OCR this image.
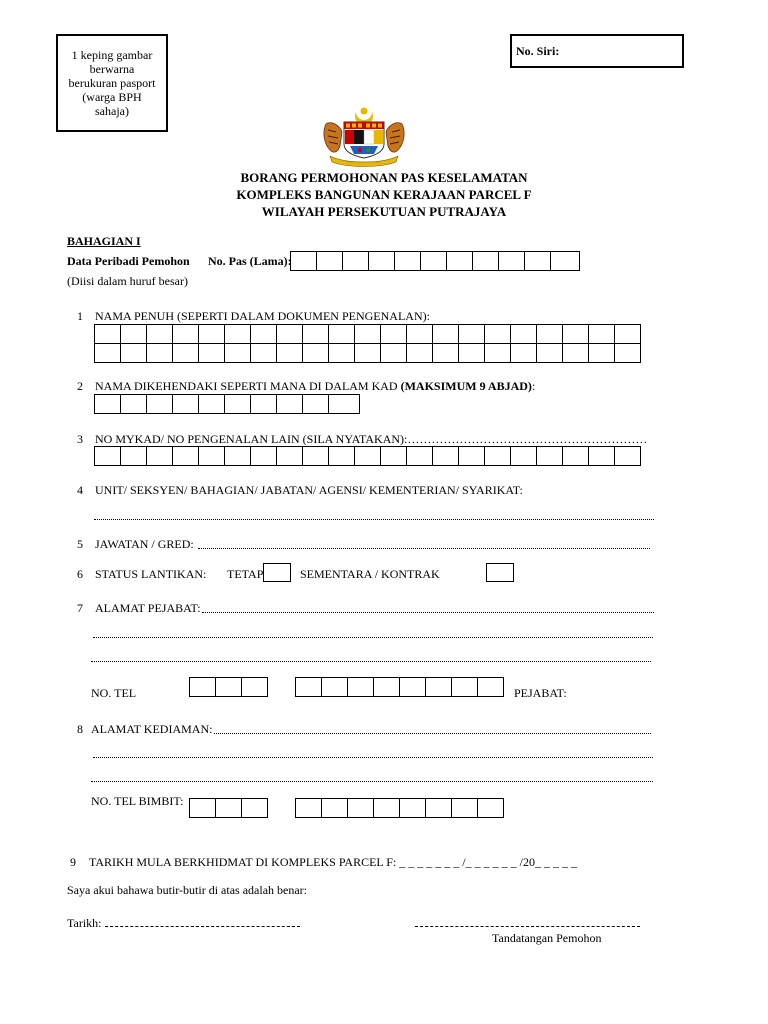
1 keping gambar berwarna berukuran pasport (warga BPH sahaja)
No. Siri:
BORANG PERMOHONAN PAS KESELAMATAN
KOMPLEKS BANGUNAN KERAJAAN PARCEL F
WILAYAH PERSEKUTUAN PUTRAJAYA
BAHAGIAN I
Data Peribadi Pemohon No. Pas (Lama):
(Diisi dalam huruf besar)
1 NAMA PENUH (SEPERTI DALAM DOKUMEN PENGENALAN):
2 NAMA DIKEHENDAKI SEPERTI MANA DI DALAM KAD (MAKSIMUM 9 ABJAD):
3 NO MYKAD/ NO PENGENALAN LAIN (SILA NYATAKAN):……………………………………………………
4 UNIT/ SEKSYEN/ BAHAGIAN/ JABATAN/ AGENSI/ KEMENTERIAN/ SYARIKAT:
5 JAWATAN / GRED:
6 STATUS LANTIKAN: TETAP	SEMENTARA / KONTRAK
7 ALAMAT PEJABAT:
NO. TEL	PEJABAT:
8 ALAMAT KEDIAMAN:
NO. TEL BIMBIT:
9 TARIKH MULA BERKHIDMAT DI KOMPLEKS PARCEL F: _ _ _ _ _ _ _ /_ _ _ _ _ _ /20_ _ _ _ _
Saya akui bahawa butir-butir di atas adalah benar:
Tarikh:
Tandatangan Pemohon
